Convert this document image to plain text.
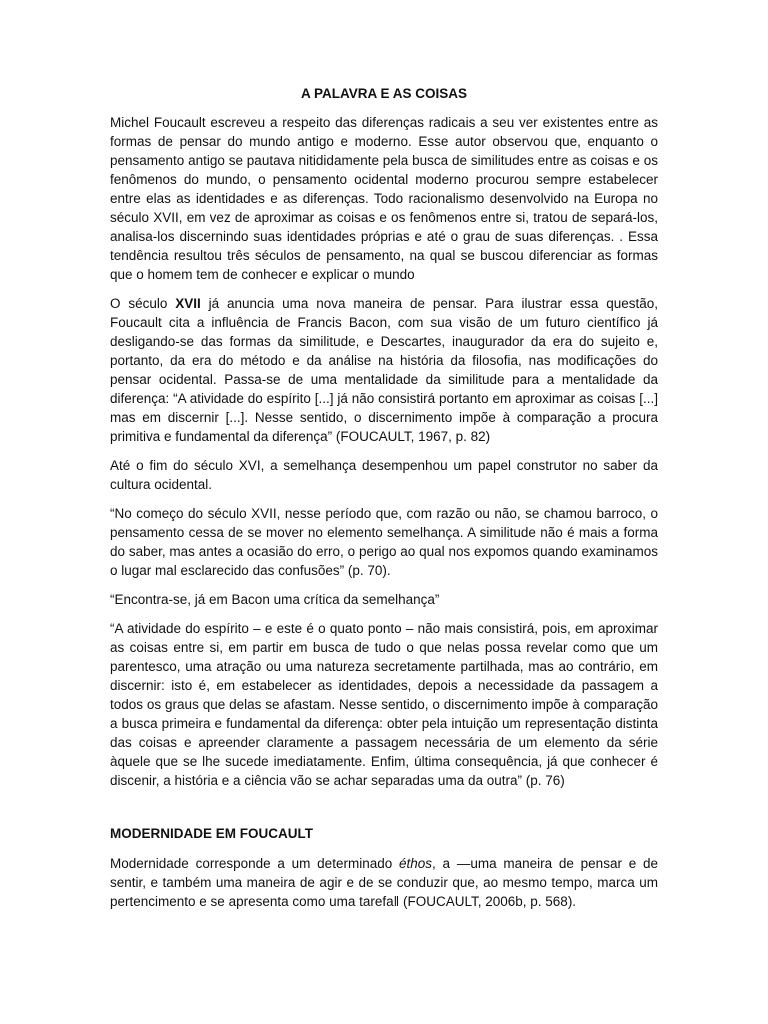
A PALAVRA E AS COISAS

Michel Foucault escreveu a respeito das diferenças radicais a seu ver existentes entre as formas de pensar do mundo antigo e moderno. Esse autor observou que, enquanto o pensamento antigo se pautava nitididamente pela busca de similitudes entre as coisas e os fenômenos do mundo, o pensamento ocidental moderno procurou sempre estabelecer entre elas as identidades e as diferenças. Todo racionalismo desenvolvido na Europa no século XVII, em vez de aproximar as coisas e os fenômenos entre si, tratou de separá-los, analisa-los discernindo suas identidades próprias e até o grau de suas diferenças. . Essa tendência resultou três séculos de pensamento, na qual se buscou diferenciar as formas que o homem tem de conhecer e explicar o mundo

O século XVII já anuncia uma nova maneira de pensar. Para ilustrar essa questão, Foucault cita a influência de Francis Bacon, com sua visão de um futuro científico já desligando-se das formas da similitude, e Descartes, inaugurador da era do sujeito e, portanto, da era do método e da análise na história da filosofia, nas modificações do pensar ocidental. Passa-se de uma mentalidade da similitude para a mentalidade da diferença: “A atividade do espírito [...] já não consistirá portanto em aproximar as coisas [...] mas em discernir [...]. Nesse sentido, o discernimento impõe à comparação a procura primitiva e fundamental da diferença” (FOUCAULT, 1967, p. 82)

Até o fim do século XVI, a semelhança desempenhou um papel construtor no saber da cultura ocidental.

“No começo do século XVII, nesse período que, com razão ou não, se chamou barroco, o pensamento cessa de se mover no elemento semelhança. A similitude não é mais a forma do saber, mas antes a ocasião do erro, o perigo ao qual nos expomos quando examinamos o lugar mal esclarecido das confusões” (p. 70).

“Encontra-se, já em Bacon uma crítica da semelhança”

“A atividade do espírito – e este é o quato ponto – não mais consistirá, pois, em aproximar as coisas entre si, em partir em busca de tudo o que nelas possa revelar como que um parentesco, uma atração ou uma natureza secretamente partilhada, mas ao contrário, em discernir: isto é, em estabelecer as identidades, depois a necessidade da passagem a todos os graus que delas se afastam. Nesse sentido, o discernimento impõe à comparação a busca primeira e fundamental da diferença: obter pela intuição um representação distinta das coisas e apreender claramente a passagem necessária de um elemento da série àquele que se lhe sucede imediatamente. Enfim, última consequência, já que conhecer é discenir, a história e a ciência vão se achar separadas uma da outra” (p. 76)

MODERNIDADE EM FOUCAULT

Modernidade corresponde a um determinado éthos, a ―uma maneira de pensar e de sentir, e também uma maneira de agir e de se conduzir que, ao mesmo tempo, marca um pertencimento e se apresenta como uma tarefa‖ (FOUCAULT, 2006b, p. 568).
